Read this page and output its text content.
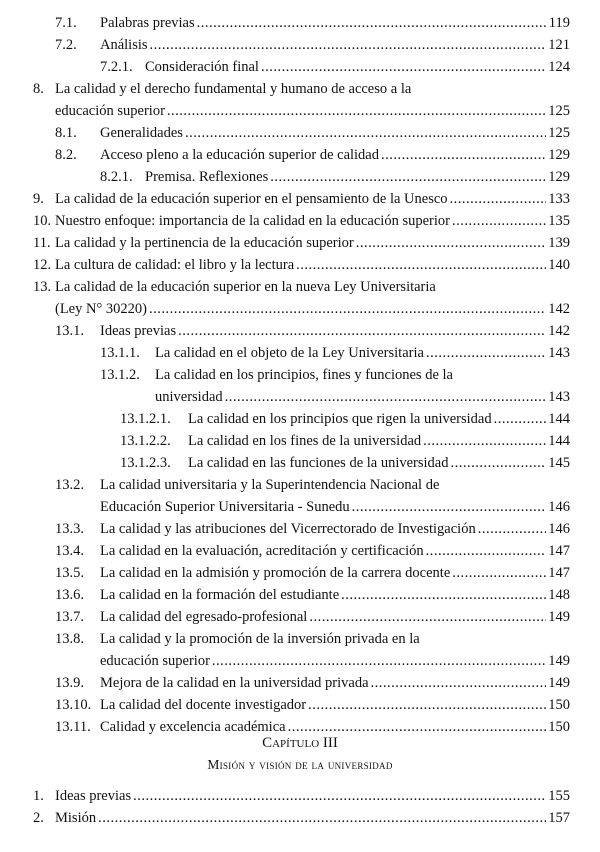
7.1.	Palabras previas .....	119
7.2.	Análisis .....	121
7.2.1. Consideración final .....	124
8. La calidad y el derecho fundamental y humano de acceso a la
educación superior .....	125
8.1.	Generalidades .....	125
8.2.	Acceso pleno a la educación superior de calidad .....	129
8.2.1. Premisa. Reflexiones .....	129
9. La calidad de la educación superior en el pensamiento de la Unesco .....	133
10. Nuestro enfoque: importancia de la calidad en la educación superior .....	135
11. La calidad y la pertinencia de la educación superior .....	139
12. La cultura de calidad: el libro y la lectura .....	140
13. La calidad de la educación superior en la nueva Ley Universitaria
(Ley N° 30220) .....	142
13.1.	Ideas previas .....	142
13.1.1.	La calidad en el objeto de la Ley Universitaria .....	143
13.1.2.	La calidad en los principios, fines y funciones de la
universidad .....	143
13.1.2.1.	La calidad en los principios que rigen la universidad .....	144
13.1.2.2.	La calidad en los fines de la universidad .....	144
13.1.2.3.	La calidad en las funciones de la universidad .....	145
13.2.	La calidad universitaria y la Superintendencia Nacional de
Educación Superior Universitaria - Sunedu .....	146
13.3.	La calidad y las atribuciones del Vicerrectorado de Investigación .....	146
13.4.	La calidad en la evaluación, acreditación y certificación .....	147
13.5.	La calidad en la admisión y promoción de la carrera docente .....	147
13.6.	La calidad en la formación del estudiante .....	148
13.7.	La calidad del egresado-profesional .....	149
13.8.	La calidad y la promoción de la inversión privada en la
educación superior .....	149
13.9.	Mejora de la calidad en la universidad privada .....	149
13.10. La calidad del docente investigador .....	150
13.11. Calidad y excelencia académica .....	150
Capítulo III
Misión y visión de la universidad
1. Ideas previas .....	155
2. Misión .....	157
